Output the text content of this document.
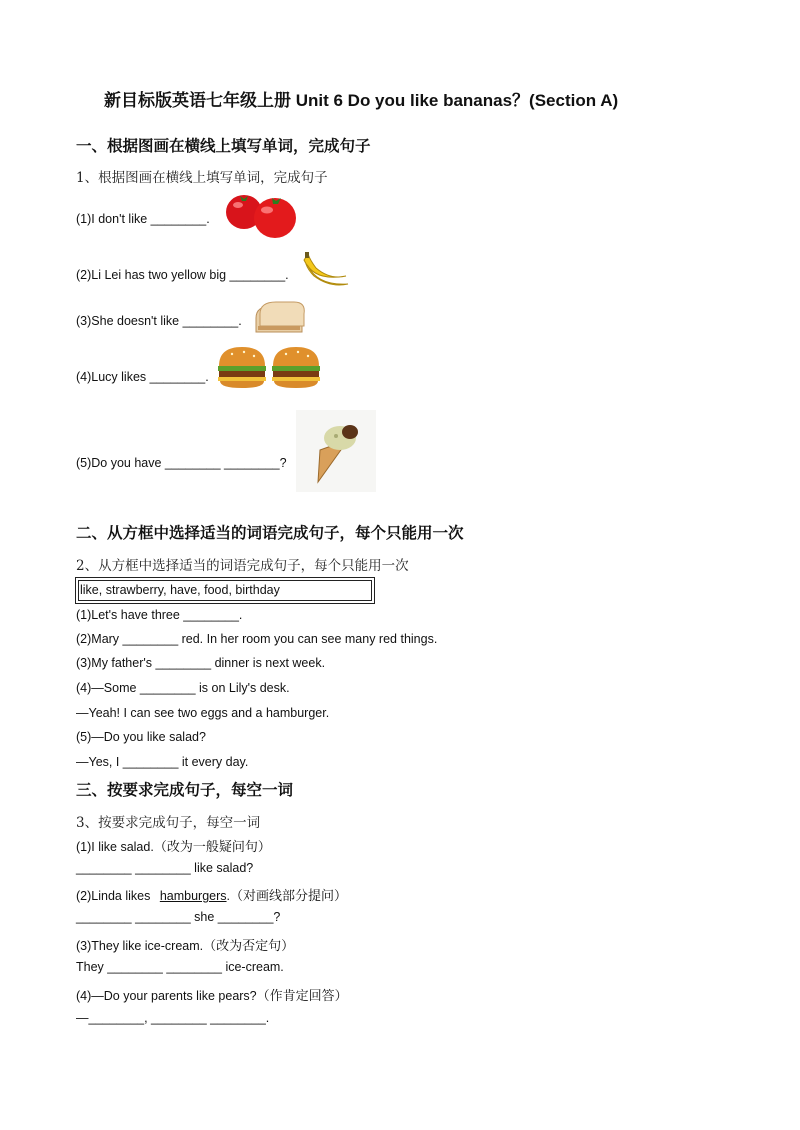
新目标版英语七年级上册 Unit 6 Do you like bananas？(Section A)
一、根据图画在横线上填写单词，完成句子
1、根据图画在横线上填写单词，完成句子
(1)I don't like ________.
(2)Li Lei has two yellow big ________.
(3)She doesn't like ________.
(4)Lucy likes ________.
(5)Do you have ________ ________?
二、从方框中选择适当的词语完成句子，每个只能用一次
2、从方框中选择适当的词语完成句子，每个只能用一次
like, strawberry, have, food, birthday
(1)Let's have three ________.
(2)Mary ________ red. In her room you can see many red things.
(3)My father's ________ dinner is next week.
(4)—Some ________ is on Lily's desk.
—Yeah! I can see two eggs and a hamburger.
(5)—Do you like salad?
—Yes, I ________ it every day.
三、按要求完成句子，每空一词
3、按要求完成句子，每空一词
(1)I like salad.（改为一般疑问句）
________ ________ like salad?
(2)Linda likes hamburgers.（对画线部分提问）
________ ________ she ________?
(3)They like ice-cream.（改为否定句）
They ________ ________ ice-cream.
(4)—Do your parents like pears?（作肯定回答）
—________, ________ ________.
